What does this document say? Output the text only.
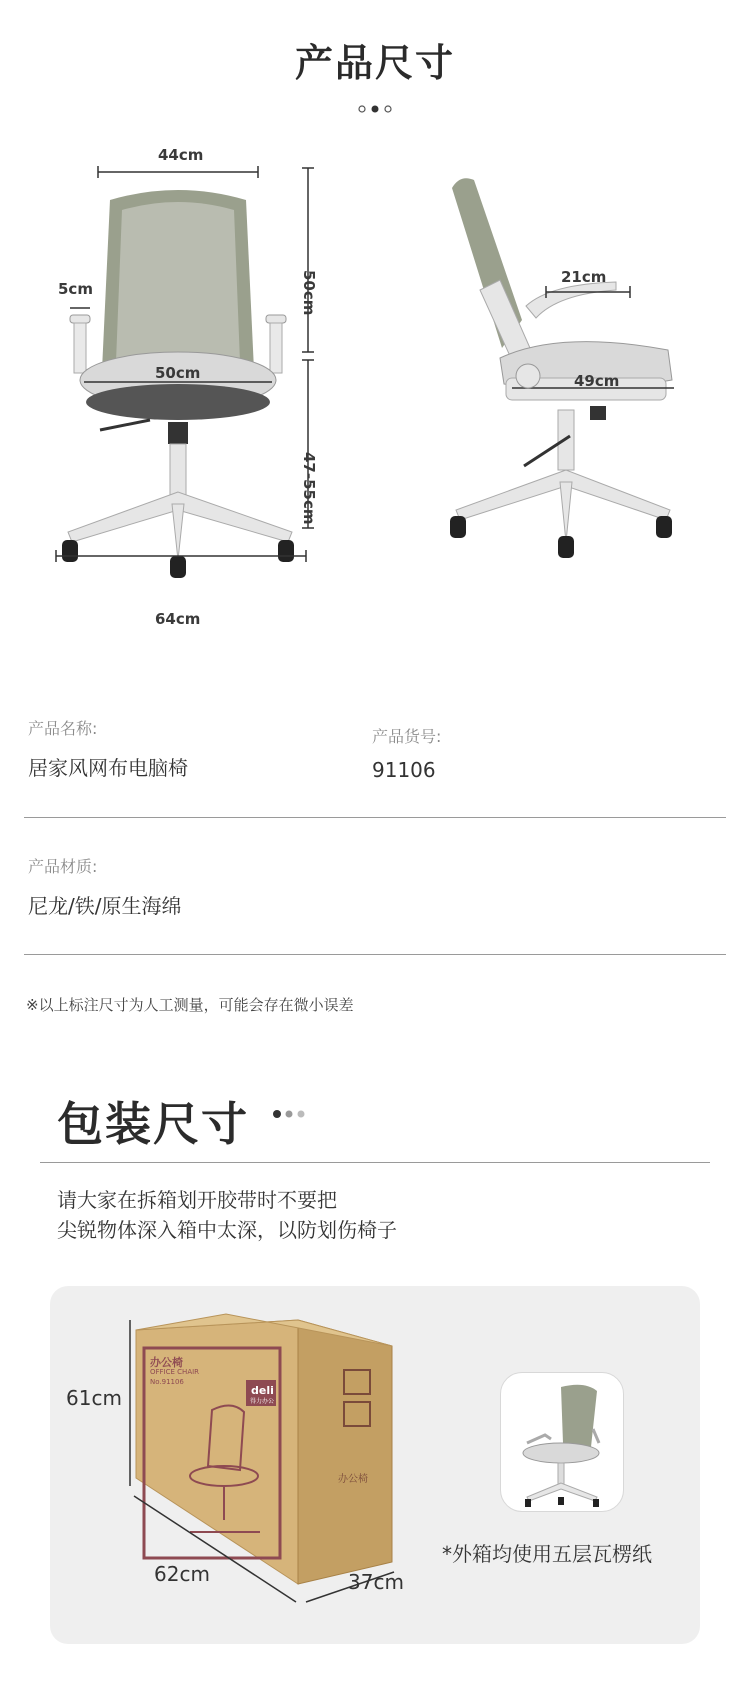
产品尺寸
44cm
5cm
50cm
50cm
47-55cm
64cm
21cm
49cm
产品名称:
居家风网布电脑椅
产品货号:
91106
产品材质:
尼龙/铁/原生海绵
※以上标注尺寸为人工测量，可能会存在微小误差
包装尺寸
请大家在拆箱划开胶带时不要把
尖锐物体深入箱中太深，以防划伤椅子
deli
得力办公
办公椅
OFFICE CHAIR
No.91106
办公椅
61cm
62cm	37cm
*外箱均使用五层瓦楞纸
